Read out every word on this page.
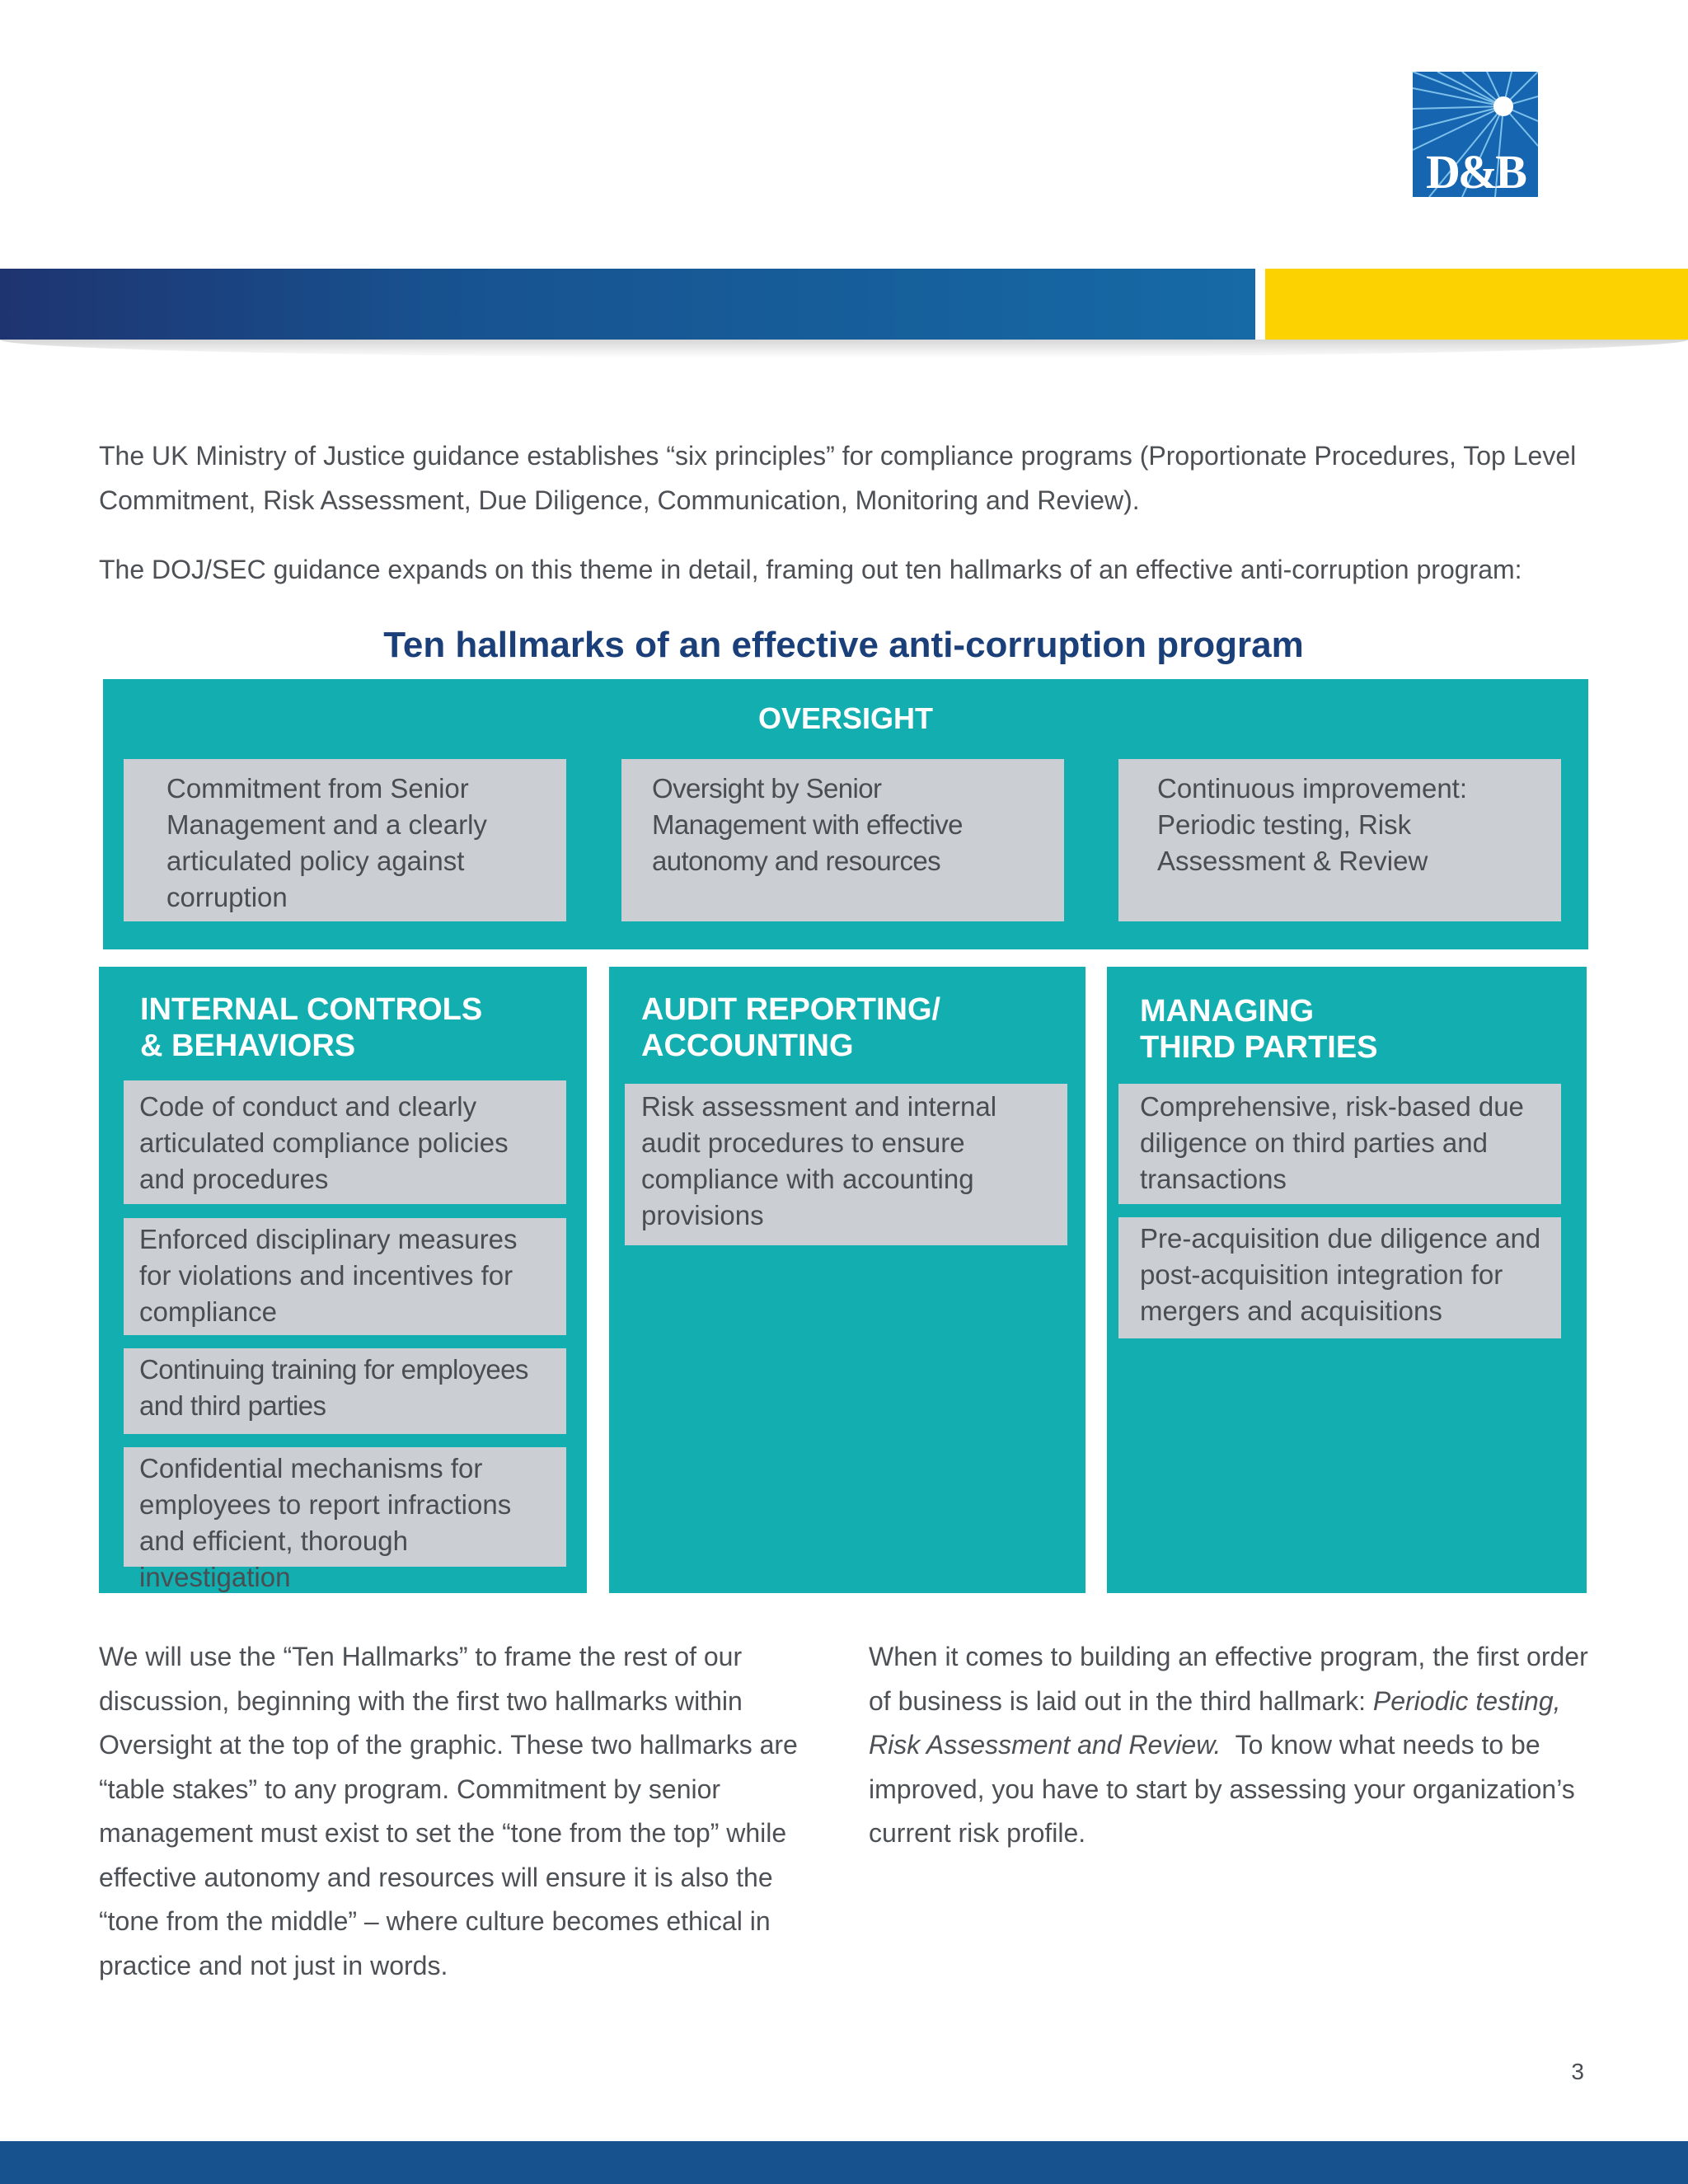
D&B

The UK Ministry of Justice guidance establishes “six principles” for compliance programs (Proportionate Procedures, Top Level Commitment, Risk Assessment, Due Diligence, Communication, Monitoring and Review).

The DOJ/SEC guidance expands on this theme in detail, framing out ten hallmarks of an effective anti-corruption program:

Ten hallmarks of an effective anti-corruption program
OVERSIGHT
Commitment from Senior Management and a clearly articulated policy against corruption
Oversight by Senior Management with effective autonomy and resources
Continuous improvement: Periodic testing, Risk Assessment & Review
INTERNAL CONTROLS
& BEHAVIORS
Code of conduct and clearly articulated compliance policies and procedures
Enforced disciplinary measures for violations and incentives for compliance
Continuing training for employees and third parties
Confidential mechanisms for employees to report infractions and efficient, thorough investigation
AUDIT REPORTING/
ACCOUNTING
Risk assessment and internal audit procedures to ensure compliance with accounting provisions
MANAGING
THIRD PARTIES
Comprehensive, risk-based due diligence on third parties and transactions
Pre-acquisition due diligence and post-acquisition integration for mergers and acquisitions

We will use the “Ten Hallmarks” to frame the rest of our discussion, beginning with the first two hallmarks within Oversight at the top of the graphic. These two hallmarks are “table stakes” to any program. Commitment by senior management must exist to set the “tone from the top” while effective autonomy and resources will ensure it is also the “tone from the middle” – where culture becomes ethical in practice and not just in words.

When it comes to building an effective program, the first order of business is laid out in the third hallmark: Periodic testing, Risk Assessment and Review. To know what needs to be improved, you have to start by assessing your organization’s current risk profile.

3
